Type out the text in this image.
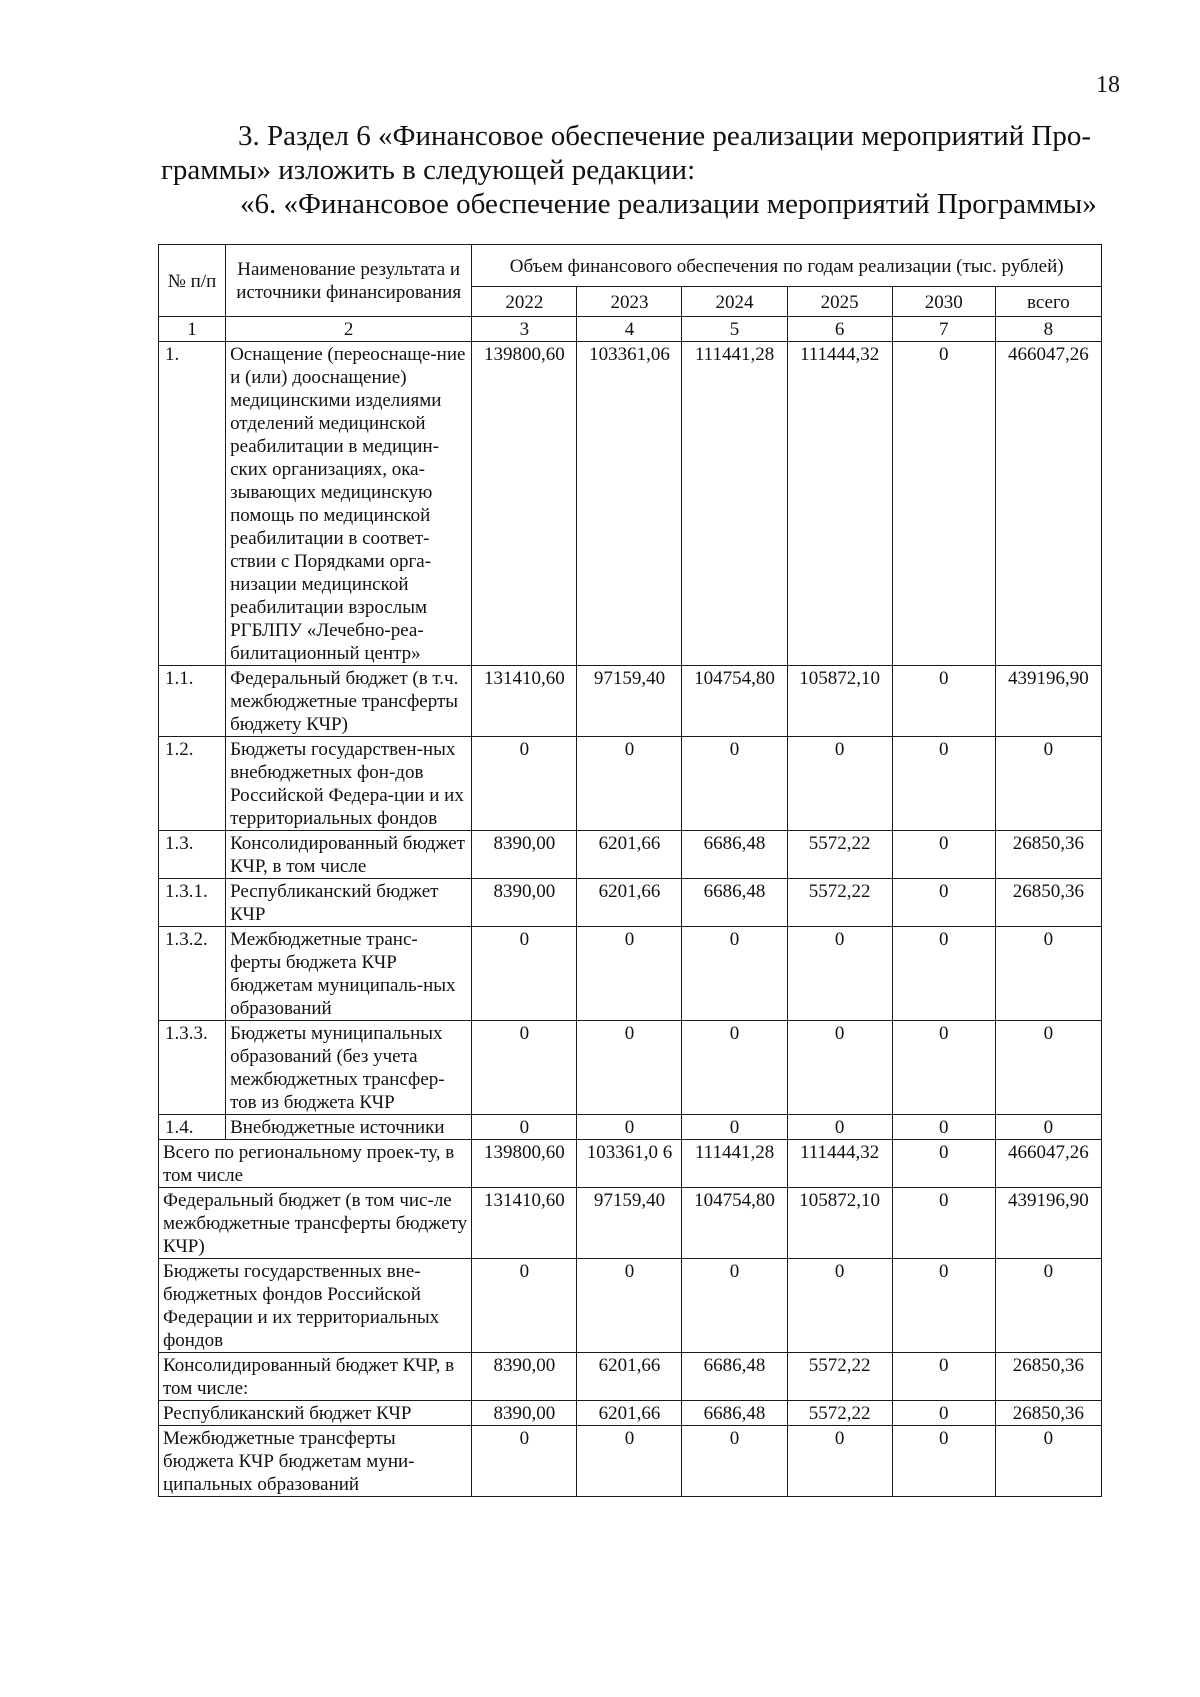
18
3. Раздел 6 «Финансовое обеспечение реализации мероприятий Про-
граммы» изложить в следующей редакции:
«6. «Финансовое обеспечение реализации мероприятий Программы»
№ п/п	Наименование результата и источники финансирования	Объем финансового обеспечения по годам реализации (тыс. рублей)					
		2022	2023	2024	2025	2030	всего
1	2	3	4	5	6	7	8
1.	Оснащение (переоснаще-ние и (или) дооснащение) медицинскими изделиями отделений медицинской реабилитации в медицин-ских организациях, ока-зывающих медицинскую помощь по медицинской реабилитации в соответ-ствии с Порядками орга-низации медицинской реабилитации взрослым РГБЛПУ «Лечебно-реа-билитационный центр»	139800,60	103361,06	111441,28	111444,32	0	466047,26
1.1.	Федеральный бюджет (в т.ч. межбюджетные трансферты бюджету КЧР)	131410,60	97159,40	104754,80	105872,10	0	439196,90
1.2.	Бюджеты государствен-ных внебюджетных фон-дов Российской Федера-ции и их территориальных фондов	0	0	0	0	0	0
1.3.	Консолидированный бюджет КЧР, в том числе	8390,00	6201,66	6686,48	5572,22	0	26850,36
1.3.1.	Республиканский бюджет КЧР	8390,00	6201,66	6686,48	5572,22	0	26850,36
1.3.2.	Межбюджетные транс-ферты бюджета КЧР бюджетам муниципаль-ных образований	0	0	0	0	0	0
1.3.3.	Бюджеты муниципальных образований (без учета межбюджетных трансфер-тов из бюджета КЧР	0	0	0	0	0	0
1.4.	Внебюджетные источники	0	0	0	0	0	0
Всего по региональному проек-ту, в том числе		139800,60	103361,0 6	111441,28	111444,32	0	466047,26
Федеральный бюджет (в том чис-ле межбюджетные трансферты бюджету КЧР)		131410,60	97159,40	104754,80	105872,10	0	439196,90
Бюджеты государственных вне-бюджетных фондов Российской Федерации и их территориальных фондов		0	0	0	0	0	0
Консолидированный бюджет КЧР, в том числе:		8390,00	6201,66	6686,48	5572,22	0	26850,36
Республиканский бюджет КЧР		8390,00	6201,66	6686,48	5572,22	0	26850,36
Межбюджетные трансферты бюджета КЧР бюджетам муни-ципальных образований		0	0	0	0	0	0
